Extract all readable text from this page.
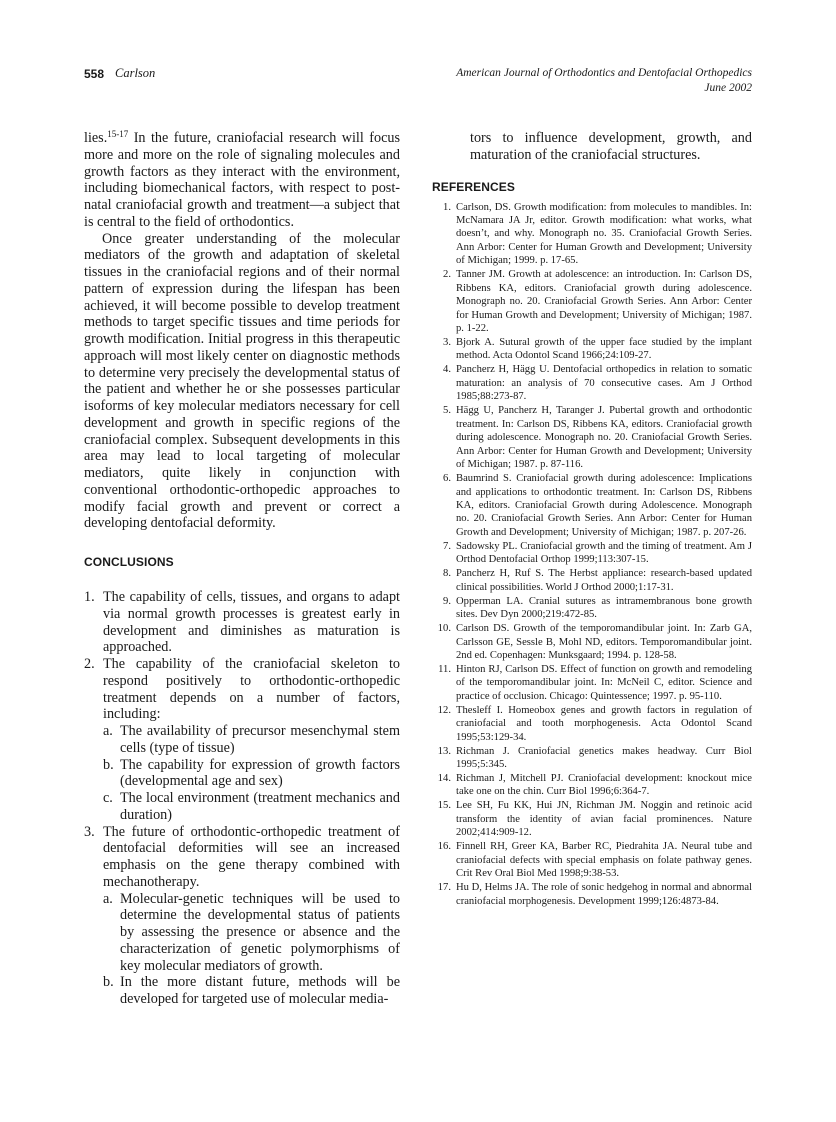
558 Carlson	American Journal of Orthodontics and Dentofacial Orthopedics
June 2002

lies.$^{15-17}$ In the future, craniofacial research will focus more and more on the role of signaling molecules and growth factors as they interact with the environment, including biomechanical factors, with respect to post-natal craniofacial growth and treatment—a subject that is central to the field of orthodontics.

Once greater understanding of the molecular mediators of the growth and adaptation of skeletal tissues in the craniofacial regions and of their normal pattern of expression during the lifespan has been achieved, it will become possible to develop treatment methods to target specific tissues and time periods for growth modification. Initial progress in this therapeutic approach will most likely center on diagnostic methods to determine very precisely the developmental status of the patient and whether he or she possesses particular isoforms of key molecular mediators necessary for cell development and growth in specific regions of the craniofacial complex. Subsequent developments in this area may lead to local targeting of molecular mediators, quite likely in conjunction with conventional orthodontic-orthopedic approaches to modify facial growth and prevent or correct a developing dentofacial deformity.

CONCLUSIONS
1. The capability of cells, tissues, and organs to adapt via normal growth processes is greatest early in development and diminishes as maturation is approached.
2. The capability of the craniofacial skeleton to respond positively to orthodontic-orthopedic treatment depends on a number of factors, including:
a. The availability of precursor mesenchymal stem cells (type of tissue)
b. The capability for expression of growth factors (developmental age and sex)
c. The local environment (treatment mechanics and duration)
3. The future of orthodontic-orthopedic treatment of dentofacial deformities will see an increased emphasis on the gene therapy combined with mechanotherapy.
a. Molecular-genetic techniques will be used to determine the developmental status of patients by assessing the presence or absence and the characterization of genetic polymorphisms of key molecular mediators of growth.
b. In the more distant future, methods will be developed for targeted use of molecular media-

tors to influence development, growth, and maturation of the craniofacial structures.

REFERENCES
1. Carlson, DS. Growth modification: from molecules to mandibles. In: McNamara JA Jr, editor. Growth modification: what works, what doesn’t, and why. Monograph no. 35. Craniofacial Growth Series. Ann Arbor: Center for Human Growth and Development; University of Michigan; 1999. p. 17-65.
2. Tanner JM. Growth at adolescence: an introduction. In: Carlson DS, Ribbens KA, editors. Craniofacial growth during adolescence. Monograph no. 20. Craniofacial Growth Series. Ann Arbor: Center for Human Growth and Development; University of Michigan; 1987. p. 1-22.
3. Bjork A. Sutural growth of the upper face studied by the implant method. Acta Odontol Scand 1966;24:109-27.
4. Pancherz H, Hägg U. Dentofacial orthopedics in relation to somatic maturation: an analysis of 70 consecutive cases. Am J Orthod 1985;88:273-87.
5. Hägg U, Pancherz H, Taranger J. Pubertal growth and orthodontic treatment. In: Carlson DS, Ribbens KA, editors. Craniofacial growth during adolescence. Monograph no. 20. Craniofacial Growth Series. Ann Arbor: Center for Human Growth and Development; University of Michigan; 1987. p. 87-116.
6. Baumrind S. Craniofacial growth during adolescence: Implications and applications to orthodontic treatment. In: Carlson DS, Ribbens KA, editors. Craniofacial Growth during Adolescence. Monograph no. 20. Craniofacial Growth Series. Ann Arbor: Center for Human Growth and Development; University of Michigan; 1987. p. 207-26.
7. Sadowsky PL. Craniofacial growth and the timing of treatment. Am J Orthod Dentofacial Orthop 1999;113:307-15.
8. Pancherz H, Ruf S. The Herbst appliance: research-based updated clinical possibilities. World J Orthod 2000;1:17-31.
9. Opperman LA. Cranial sutures as intramembranous bone growth sites. Dev Dyn 2000;219:472-85.
10. Carlson DS. Growth of the temporomandibular joint. In: Zarb GA, Carlsson GE, Sessle B, Mohl ND, editors. Temporomandibular joint. 2nd ed. Copenhagen: Munksgaard; 1994. p. 128-58.
11. Hinton RJ, Carlson DS. Effect of function on growth and remodeling of the temporomandibular joint. In: McNeil C, editor. Science and practice of occlusion. Chicago: Quintessence; 1997. p. 95-110.
12. Thesleff I. Homeobox genes and growth factors in regulation of craniofacial and tooth morphogenesis. Acta Odontol Scand 1995;53:129-34.
13. Richman J. Craniofacial genetics makes headway. Curr Biol 1995;5:345.
14. Richman J, Mitchell PJ. Craniofacial development: knockout mice take one on the chin. Curr Biol 1996;6:364-7.
15. Lee SH, Fu KK, Hui JN, Richman JM. Noggin and retinoic acid transform the identity of avian facial prominences. Nature 2002;414:909-12.
16. Finnell RH, Greer KA, Barber RC, Piedrahita JA. Neural tube and craniofacial defects with special emphasis on folate pathway genes. Crit Rev Oral Biol Med 1998;9:38-53.
17. Hu D, Helms JA. The role of sonic hedgehog in normal and abnormal craniofacial morphogenesis. Development 1999;126:4873-84.
